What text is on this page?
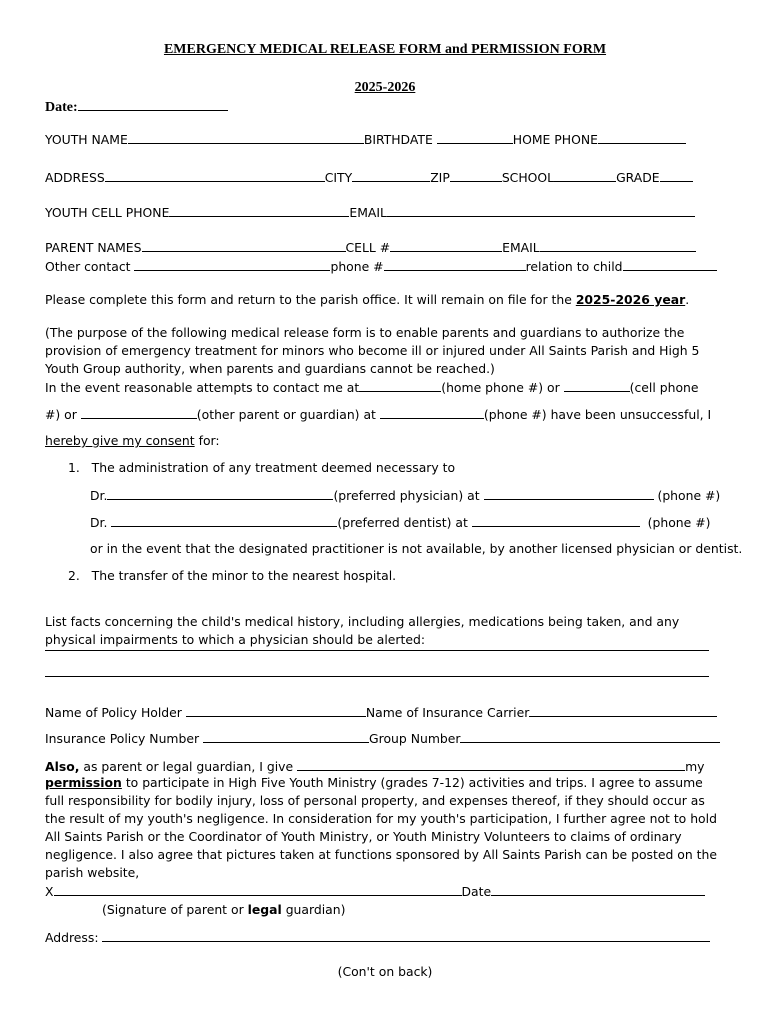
EMERGENCY MEDICAL RELEASE FORM and PERMISSION FORM
2025-2026
Date:
YOUTH NAME	BIRTHDATE	HOME PHONE
ADDRESS	CITY	ZIP	SCHOOL	GRADE
YOUTH CELL PHONE	EMAIL
PARENT NAMES	CELL #	EMAIL
Other contact	phone #	relation to child
Please complete this form and return to the parish office. It will remain on file for the 2025-2026 year.
(The purpose of the following medical release form is to enable parents and guardians to authorize the provision of emergency treatment for minors who become ill or injured under All Saints Parish and High 5 Youth Group authority, when parents and guardians cannot be reached.)
In the event reasonable attempts to contact me at	(home phone #) or	(cell phone
#) or	(other parent or guardian) at	(phone #) have been unsuccessful, I
hereby give my consent for:
1. The administration of any treatment deemed necessary to
Dr.	(preferred physician) at	(phone #)
Dr.	(preferred dentist) at	(phone #)
or in the event that the designated practitioner is not available, by another licensed physician or dentist.
2. The transfer of the minor to the nearest hospital.
List facts concerning the child's medical history, including allergies, medications being taken, and any physical impairments to which a physician should be alerted:
Name of Policy Holder	Name of Insurance Carrier
Insurance Policy Number	Group Number
Also, as parent or legal guardian, I give	my
permission to participate in High Five Youth Ministry (grades 7-12) activities and trips. I agree to assume full responsibility for bodily injury, loss of personal property, and expenses thereof, if they should occur as the result of my youth's negligence. In consideration for my youth's participation, I further agree not to hold All Saints Parish or the Coordinator of Youth Ministry, or Youth Ministry Volunteers to claims of ordinary negligence. I also agree that pictures taken at functions sponsored by All Saints Parish can be posted on the parish website,
X	Date
(Signature of parent or legal guardian)
Address:
(Con't on back)
